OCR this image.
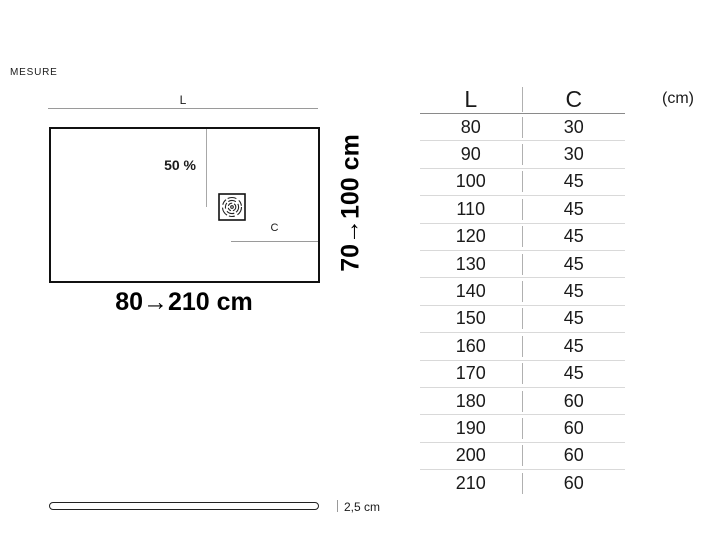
MESURE
L
50 %
C
80→210 cm
70→100 cm
L	C
80	30
90	30
100	45
110	45
120	45
130	45
140	45
150	45
160	45
170	45
180	60
190	60
200	60
210	60
(cm)
2,5 cm
